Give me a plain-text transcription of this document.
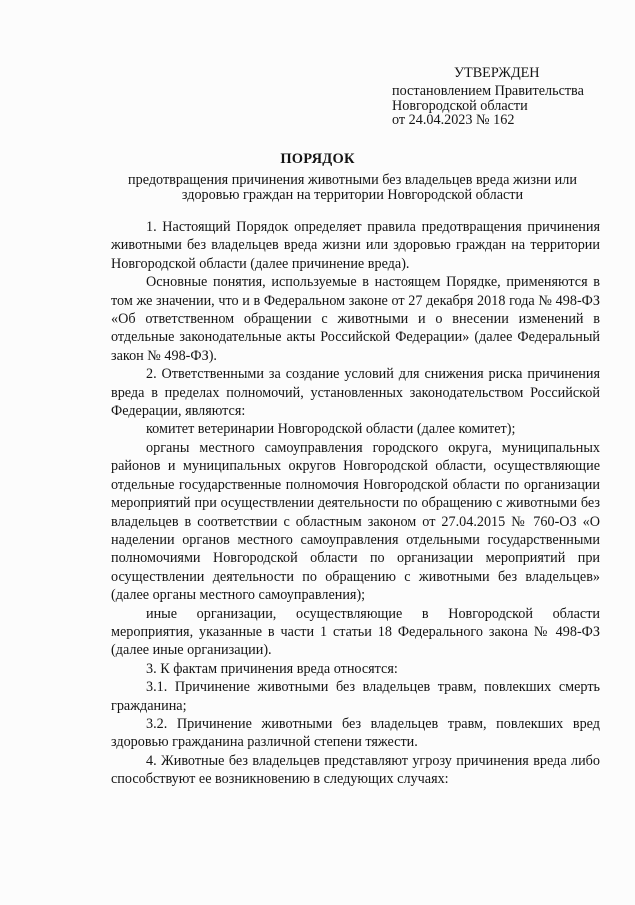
УТВЕРЖДЕН
постановлением Правительства
Новгородской области
от 24.04.2023 № 162
ПОРЯДОК
предотвращения причинения животными без владельцев вреда жизни или
здоровью граждан на территории Новгородской области

1. Настоящий Порядок определяет правила предотвращения причинения животными без владельцев вреда жизни или здоровью граждан на территории Новгородской области (далее причинение вреда).

Основные понятия, используемые в настоящем Порядке, применяются в том же значении, что и в Федеральном законе от 27 декабря 2018 года № 498-ФЗ «Об ответственном обращении с животными и о внесении изменений в отдельные законодательные акты Российской Федерации» (далее Федеральный закон № 498-ФЗ).

2. Ответственными за создание условий для снижения риска причинения вреда в пределах полномочий, установленных законодательством Российской Федерации, являются:

комитет ветеринарии Новгородской области (далее комитет);

органы местного самоуправления городского округа, муниципальных районов и муниципальных округов Новгородской области, осуществляющие отдельные государственные полномочия Новгородской области по организации мероприятий при осуществлении деятельности по обращению с животными без владельцев в соответствии с областным законом от 27.04.2015 № 760-ОЗ «О наделении органов местного самоуправления отдельными государственными полномочиями Новгородской области по организации мероприятий при осуществлении деятельности по обращению с животными без владельцев» (далее органы местного самоуправления);

иные организации, осуществляющие в Новгородской области мероприятия, указанные в части 1 статьи 18 Федерального закона № 498-ФЗ (далее иные организации).

3. К фактам причинения вреда относятся:

3.1. Причинение животными без владельцев травм, повлекших смерть гражданина;

3.2. Причинение животными без владельцев травм, повлекших вред здоровью гражданина различной степени тяжести.

4. Животные без владельцев представляют угрозу причинения вреда либо способствуют ее возникновению в следующих случаях:
